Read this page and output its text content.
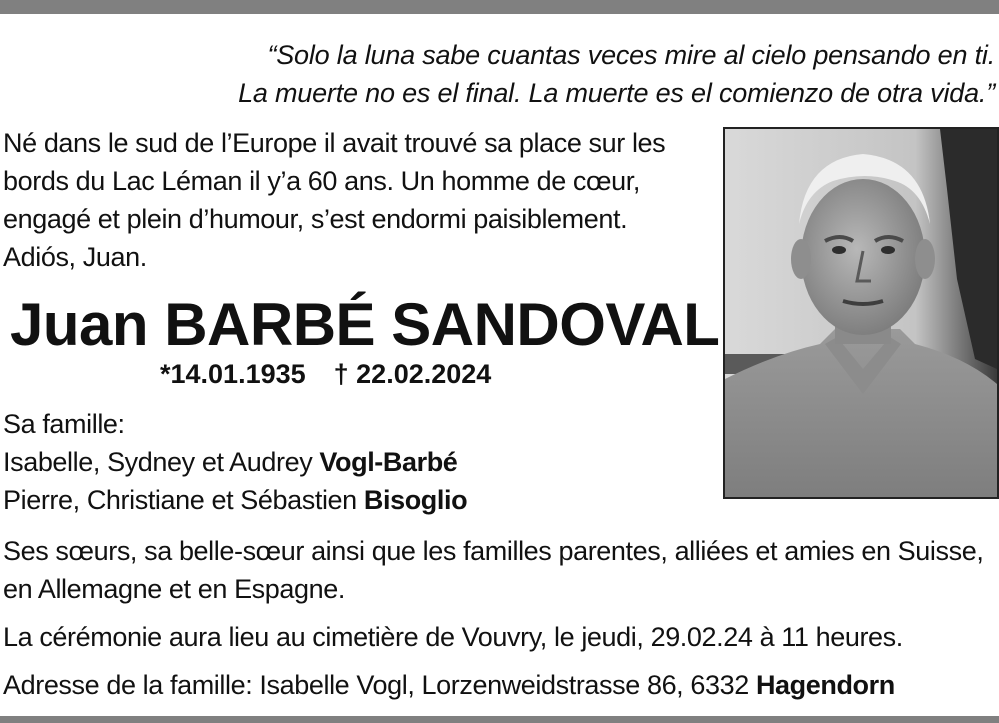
“Solo la luna sabe cuantas veces mire al cielo pensando en ti.
La muerte no es el final. La muerte es el comienzo de otra vida.”
Né dans le sud de l’Europe il avait trouvé sa place sur les bords du Lac Léman il y’a 60 ans. Un homme de cœur, engagé et plein d’humour, s’est endormi paisiblement. Adiós, Juan.
Juan BARBÉ SANDOVAL
*14.01.1935 † 22.02.2024
Sa famille:
Isabelle, Sydney et Audrey Vogl-Barbé
Pierre, Christiane et Sébastien Bisoglio
Ses sœurs, sa belle-sœur ainsi que les familles parentes, alliées et amies en Suisse, en Allemagne et en Espagne.
La cérémonie aura lieu au cimetière de Vouvry, le jeudi, 29.02.24 à 11 heures.
Adresse de la famille: Isabelle Vogl, Lorzenweidstrasse 86, 6332 Hagendorn
